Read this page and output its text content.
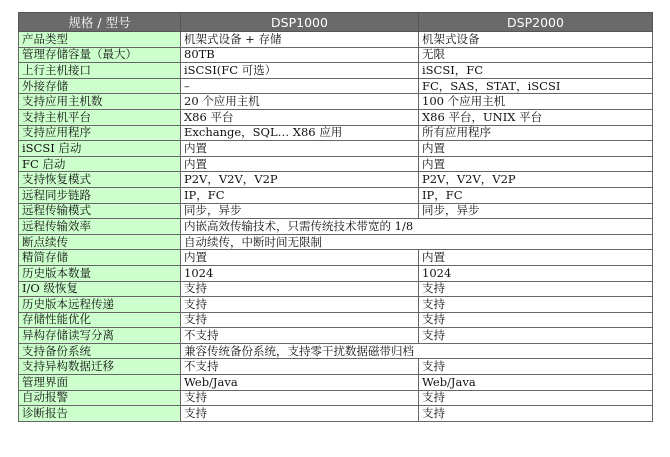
规格 / 型号	DSP1000	DSP2000
产品类型	机架式设备 + 存储	机架式设备
管理存储容量（最大）	80TB	无限
上行主机接口	iSCSI(FC 可选）	iSCSI，FC
外接存储	–	FC，SAS，STAT，iSCSI
支持应用主机数	20 个应用主机	100 个应用主机
支持主机平台	X86 平台	X86 平台，UNIX 平台
支持应用程序	Exchange，SQL… X86 应用	所有应用程序
iSCSI 启动	内置	内置
FC 启动	内置	内置
支持恢复模式	P2V，V2V，V2P	P2V，V2V，V2P
远程同步链路	IP，FC	IP，FC
远程传输模式	同步，异步	同步，异步
远程传输效率	内嵌高效传输技术，只需传统技术带宽的 1/8	
断点续传	自动续传，中断时间无限制	
精简存储	内置	内置
历史版本数量	1024	1024
I/O 级恢复	支持	支持
历史版本远程传递	支持	支持
存储性能优化	支持	支持
异构存储读写分离	不支持	支持
支持备份系统	兼容传统备份系统，支持零干扰数据磁带归档	
支持异构数据迁移	不支持	支持
管理界面	Web/Java	Web/Java
自动报警	支持	支持
诊断报告	支持	支持
